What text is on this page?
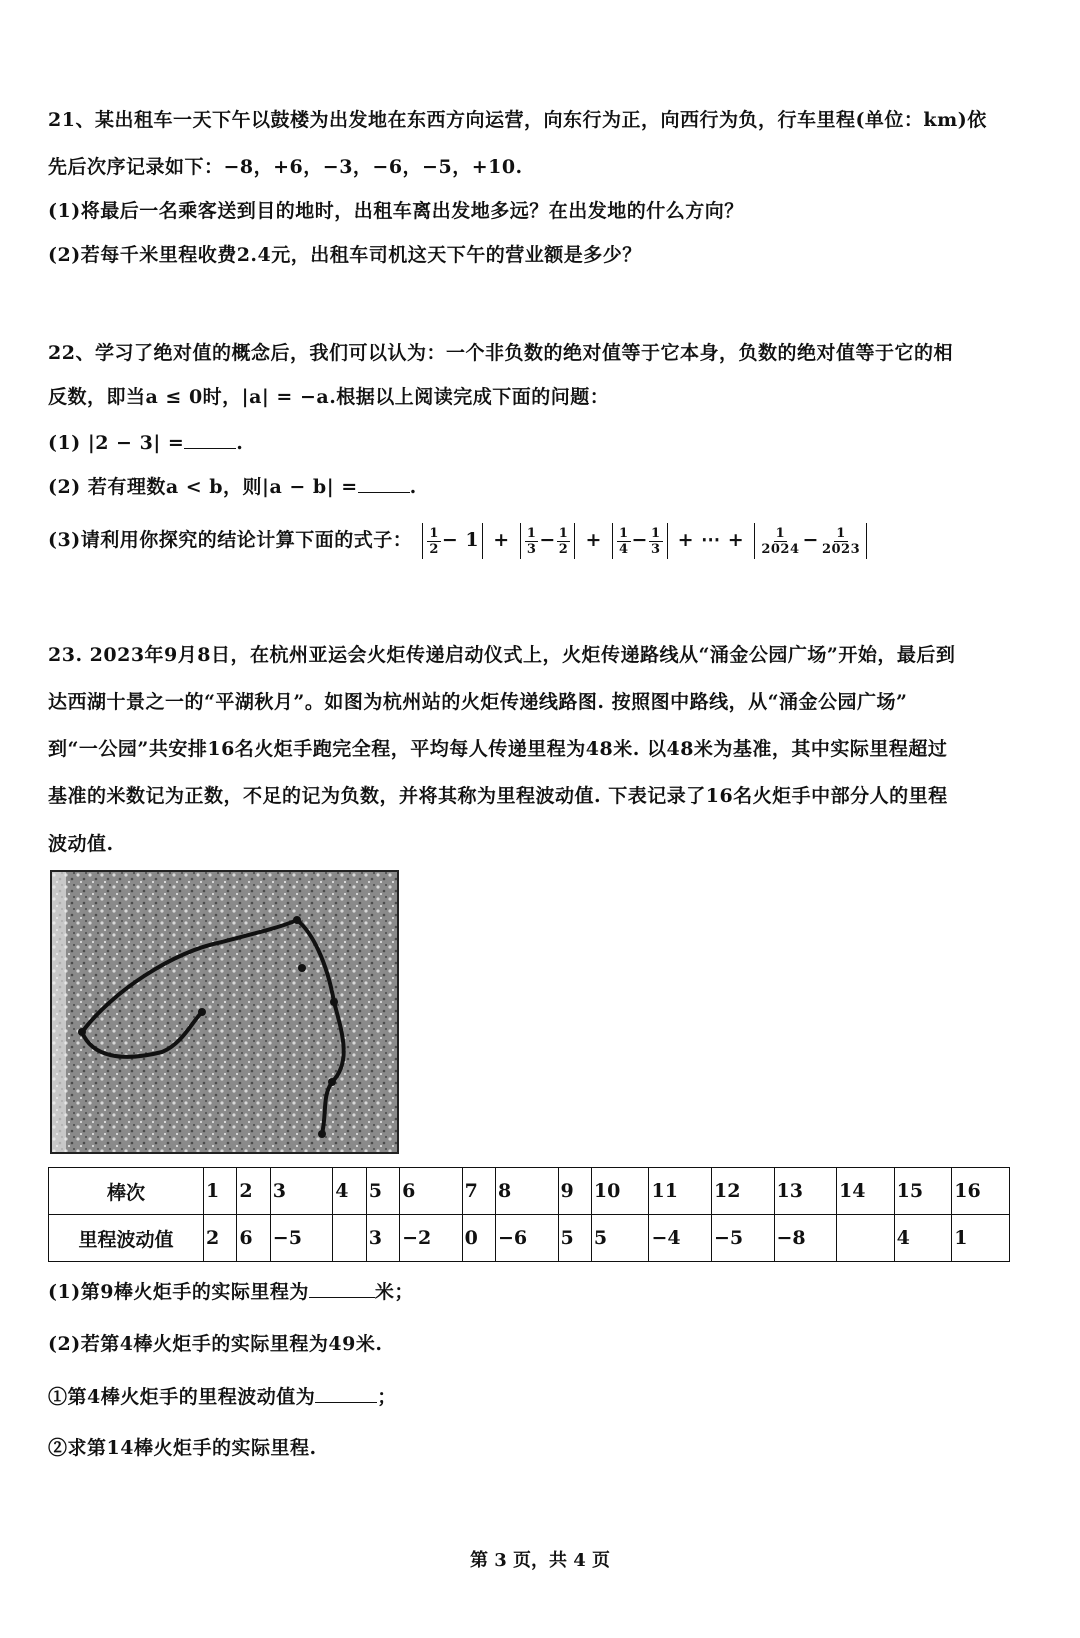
21、某出租车一天下午以鼓楼为出发地在东西方向运营，向东行为正，向西行为负，行车里程(单位：km)依
先后次序记录如下：−8，+6，−3，−6，−5，+10.
(1)将最后一名乘客送到目的地时，出租车离出发地多远？在出发地的什么方向？
(2)若每千米里程收费2.4元，出租车司机这天下午的营业额是多少？
22、学习了绝对值的概念后，我们可以认为：一个非负数的绝对值等于它本身，负数的绝对值等于它的相
反数，即当a ≤ 0时，|a| = −a.根据以上阅读完成下面的问题：
(1) |2 − 3| =	.
(2) 若有理数a < b，则|a − b| =	.
(3)请利用你探究的结论计算下面的式子： $\frac{1}{2} - 1 + \frac{1}{3} - \frac{1}{2} + \frac{1}{4} - \frac{1}{3}$ + ⋯ + $\frac{1}{2024} - \frac{1}{2023}$
23. 2023年9月8日，在杭州亚运会火炬传递启动仪式上，火炬传递路线从“涌金公园广场”开始，最后到
达西湖十景之一的“平湖秋月”。如图为杭州站的火炬传递线路图. 按照图中路线，从“涌金公园广场”
到“一公园”共安排16名火炬手跑完全程，平均每人传递里程为48米. 以48米为基准，其中实际里程超过
基准的米数记为正数，不足的记为负数，并将其称为里程波动值. 下表记录了16名火炬手中部分人的里程
波动值.
棒次	1	2	3	4	5	6	7	8	9	10	11	12	13	14	15	16
里程波动值	2	6	−5		3	−2	0	−6	5	5	−4	−5	−8		4	1
(1)第9棒火炬手的实际里程为	米；
(2)若第4棒火炬手的实际里程为49米.
①第4棒火炬手的里程波动值为	；
②求第14棒火炬手的实际里程.
第 3 页，共 4 页
